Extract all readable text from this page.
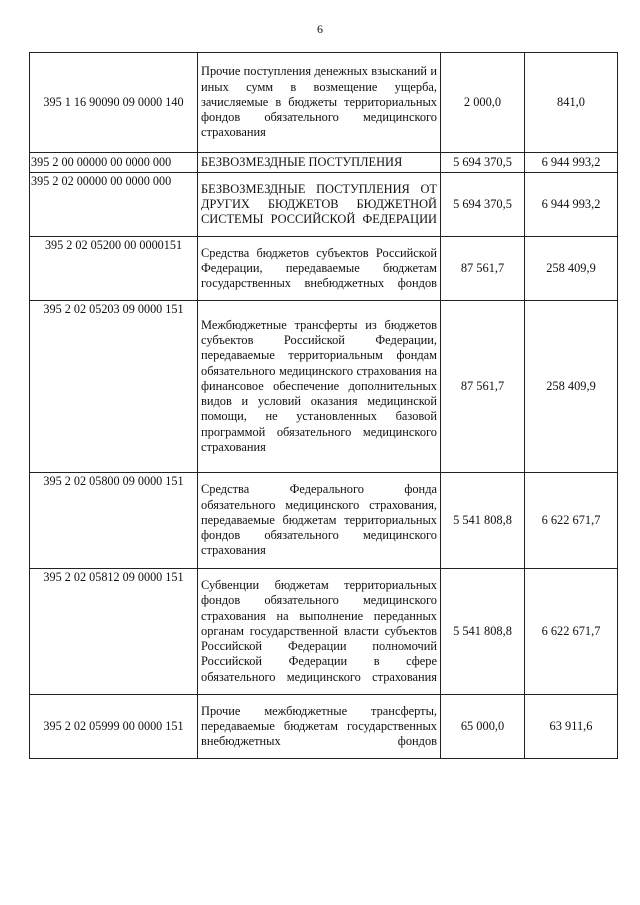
6
395 1 16 90090 09 0000 140	Прочие поступления денежных взысканий и иных сумм в возмещение ущерба, зачисляемые в бюджеты территориальных фондов обязательного медицинского страхования	2 000,0	841,0
395 2 00 00000 00 0000 000	БЕЗВОЗМЕЗДНЫЕ ПОСТУПЛЕНИЯ	5 694 370,5	6 944 993,2
395 2 02 00000 00 0000 000	БЕЗВОЗМЕЗДНЫЕ ПОСТУПЛЕНИЯ ОТ ДРУГИХ БЮДЖЕТОВ БЮДЖЕТНОЙ СИСТЕМЫ РОССИЙСКОЙ ФЕДЕРАЦИИ	5 694 370,5	6 944 993,2
395 2 02 05200 00 0000151	Средства бюджетов субъектов Российской Федерации, передаваемые бюджетам государственных внебюджетных фондов	87 561,7	258 409,9
395 2 02 05203 09 0000 151	Межбюджетные трансферты из бюджетов субъектов Российской Федерации, передаваемые территориальным фондам обязательного медицинского страхования на финансовое обеспечение дополнительных видов и условий оказания медицинской помощи, не установленных базовой программой обязательного медицинского страхования	87 561,7	258 409,9
395 2 02 05800 09 0000 151	Средства Федерального фонда обязательного медицинского страхования, передаваемые бюджетам территориальных фондов обязательного медицинского страхования	5 541 808,8	6 622 671,7
395 2 02 05812 09 0000 151	Субвенции бюджетам территориальных фондов обязательного медицинского страхования на выполнение переданных органам государственной власти субъектов Российской Федерации полномочий Российской Федерации в сфере обязательного медицинского страхования	5 541 808,8	6 622 671,7
395 2 02 05999 00 0000 151	Прочие межбюджетные трансферты, передаваемые бюджетам государственных внебюджетных фондов	65 000,0	63 911,6
